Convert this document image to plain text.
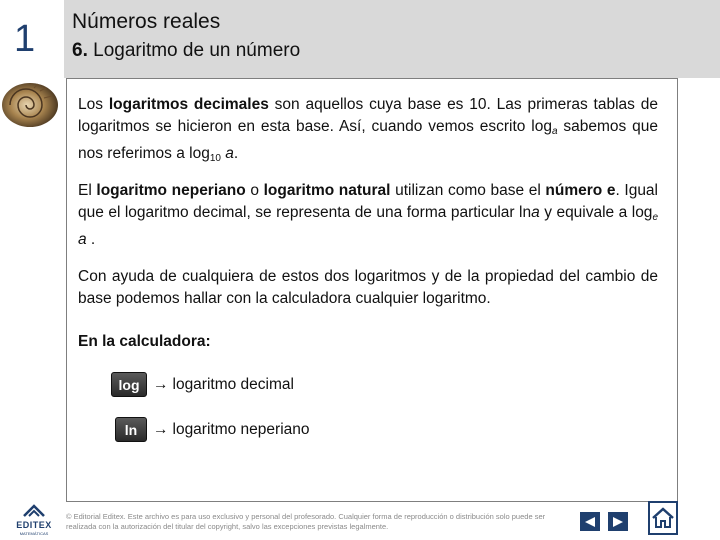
1 Números reales
6. Logaritmo de un número

Los logaritmos decimales son aquellos cuya base es 10. Las primeras tablas de logaritmos se hicieron en esta base. Así, cuando vemos escrito $\log_a$ sabemos que nos referimos a $\log_{10} a$.

El logaritmo neperiano o logaritmo natural utilizan como base el número e. Igual que el logaritmo decimal, se representa de una forma particular lna y equivale a $\log_e a$ .

Con ayuda de cualquiera de estos dos logaritmos y de la propiedad del cambio de base podemos hallar con la calculadora cualquier logaritmo.

En la calculadora:

log → logaritmo decimal
ln	→ logaritmo neperiano
EDITEX
MATEMÁTICAS
© Editorial Editex. Este archivo es para uso exclusivo y personal del profesorado. Cualquier forma de reproducción o distribución solo puede ser realizada con la autorización del titular del copyright, salvo las excepciones previstas legalmente.
